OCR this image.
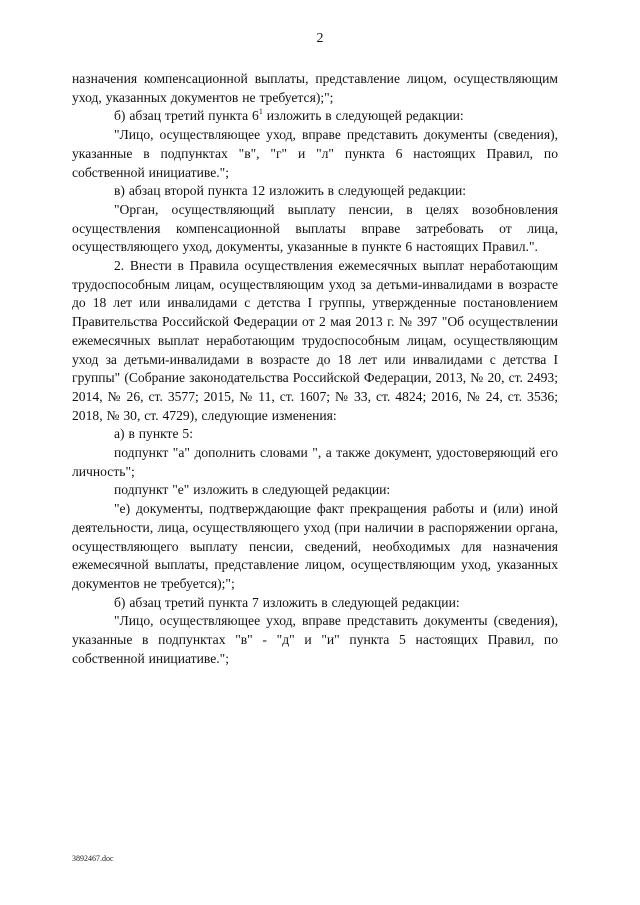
2

назначения компенсационной выплаты, представление лицом, осуществляющим уход, указанных документов не требуется);";

б) абзац третий пункта $6^1$ изложить в следующей редакции:

"Лицо, осуществляющее уход, вправе представить документы (сведения), указанные в подпунктах "в", "г" и "л" пункта 6 настоящих Правил, по собственной инициативе.";

в) абзац второй пункта 12 изложить в следующей редакции:

"Орган, осуществляющий выплату пенсии, в целях возобновления осуществления компенсационной выплаты вправе затребовать от лица, осуществляющего уход, документы, указанные в пункте 6 настоящих Правил.".

2. Внести в Правила осуществления ежемесячных выплат неработающим трудоспособным лицам, осуществляющим уход за детьми-инвалидами в возрасте до 18 лет или инвалидами с детства I группы, утвержденные постановлением Правительства Российской Федерации от 2 мая 2013 г. № 397 "Об осуществлении ежемесячных выплат неработающим трудоспособным лицам, осуществляющим уход за детьми-инвалидами в возрасте до 18 лет или инвалидами с детства I группы" (Собрание законодательства Российской Федерации, 2013, № 20, ст. 2493; 2014, № 26, ст. 3577; 2015, № 11, ст. 1607; № 33, ст. 4824; 2016, № 24, ст. 3536; 2018, № 30, ст. 4729), следующие изменения:

а) в пункте 5:

подпункт "а" дополнить словами ", а также документ, удостоверяющий его личность";

подпункт "е" изложить в следующей редакции:

"е) документы, подтверждающие факт прекращения работы и (или) иной деятельности, лица, осуществляющего уход (при наличии в распоряжении органа, осуществляющего выплату пенсии, сведений, необходимых для назначения ежемесячной выплаты, представление лицом, осуществляющим уход, указанных документов не требуется);";

б) абзац третий пункта 7 изложить в следующей редакции:

"Лицо, осуществляющее уход, вправе представить документы (сведения), указанные в подпунктах "в" - "д" и "и" пункта 5 настоящих Правил, по собственной инициативе.";

3892467.doc
